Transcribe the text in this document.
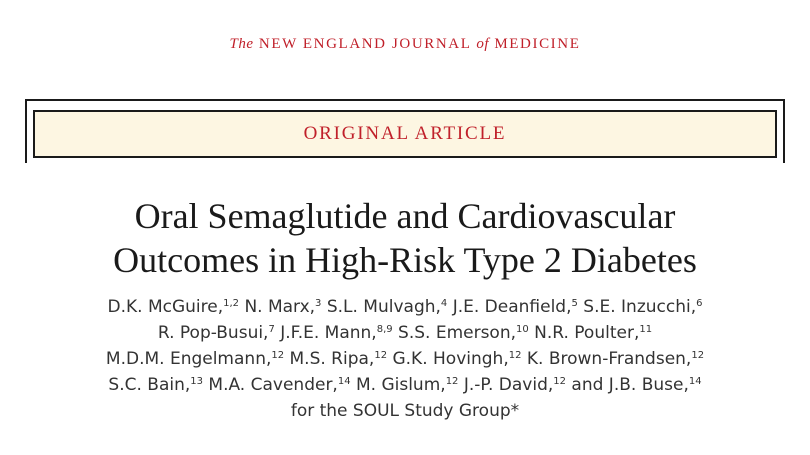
The NEW ENGLAND JOURNAL of MEDICINE
ORIGINAL ARTICLE
Oral Semaglutide and Cardiovascular
Outcomes in High-Risk Type 2 Diabetes
D.K. McGuire,$^{1,2}$ N. Marx,$^3$ S.L. Mulvagh,$^4$ J.E. Deanfield,$^5$ S.E. Inzucchi,$^6$
R. Pop-Busui,$^7$ J.F.E. Mann,$^{8,9}$ S.S. Emerson,$^{10}$ N.R. Poulter,$^{11}$
M.D.M. Engelmann,$^{12}$ M.S. Ripa,$^{12}$ G.K. Hovingh,$^{12}$ K. Brown-Frandsen,$^{12}$
S.C. Bain,$^{13}$ M.A. Cavender,$^{14}$ M. Gislum,$^{12}$ J.-P. David,$^{12}$ and J.B. Buse,$^{14}$
for the SOUL Study Group*
